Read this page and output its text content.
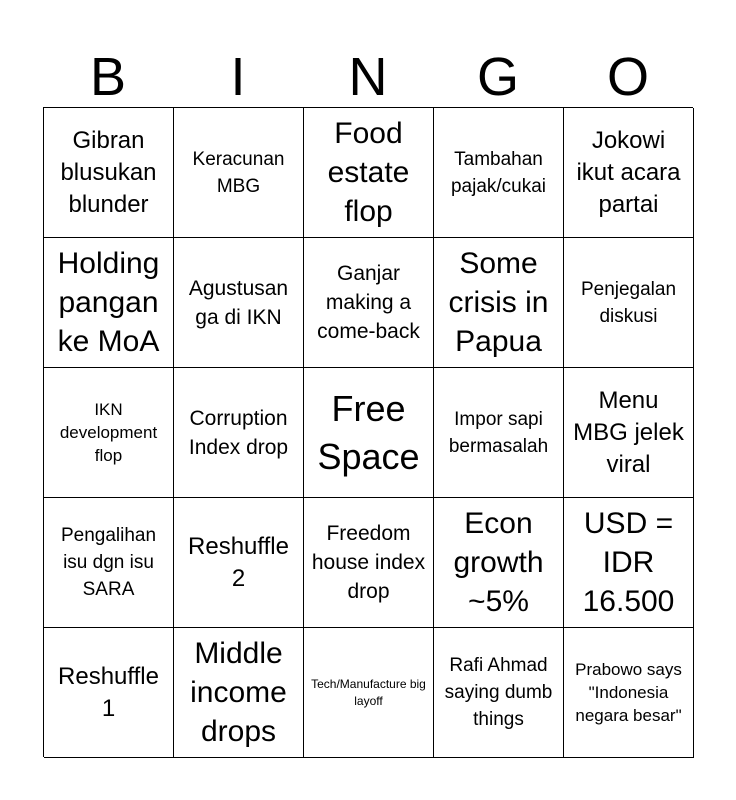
B	I	N	G	O
Gibran blusukan blunder
Keracunan MBG
Food estate flop
Tambahan pajak/cukai
Jokowi ikut acara partai
Holding pangan ke MoA
Agustusan ga di IKN
Ganjar making a come-back
Some crisis in Papua
Penjegalan diskusi
IKN development flop
Corruption Index drop
Free Space
Impor sapi bermasalah
Menu MBG jelek viral
Pengalihan isu dgn isu SARA
Reshuffle 2
Freedom house index drop
Econ growth ~5%
USD = IDR 16.500
Reshuffle 1
Middle income drops
Tech/Manufacture big layoff
Rafi Ahmad saying dumb things
Prabowo says "Indonesia negara besar"
